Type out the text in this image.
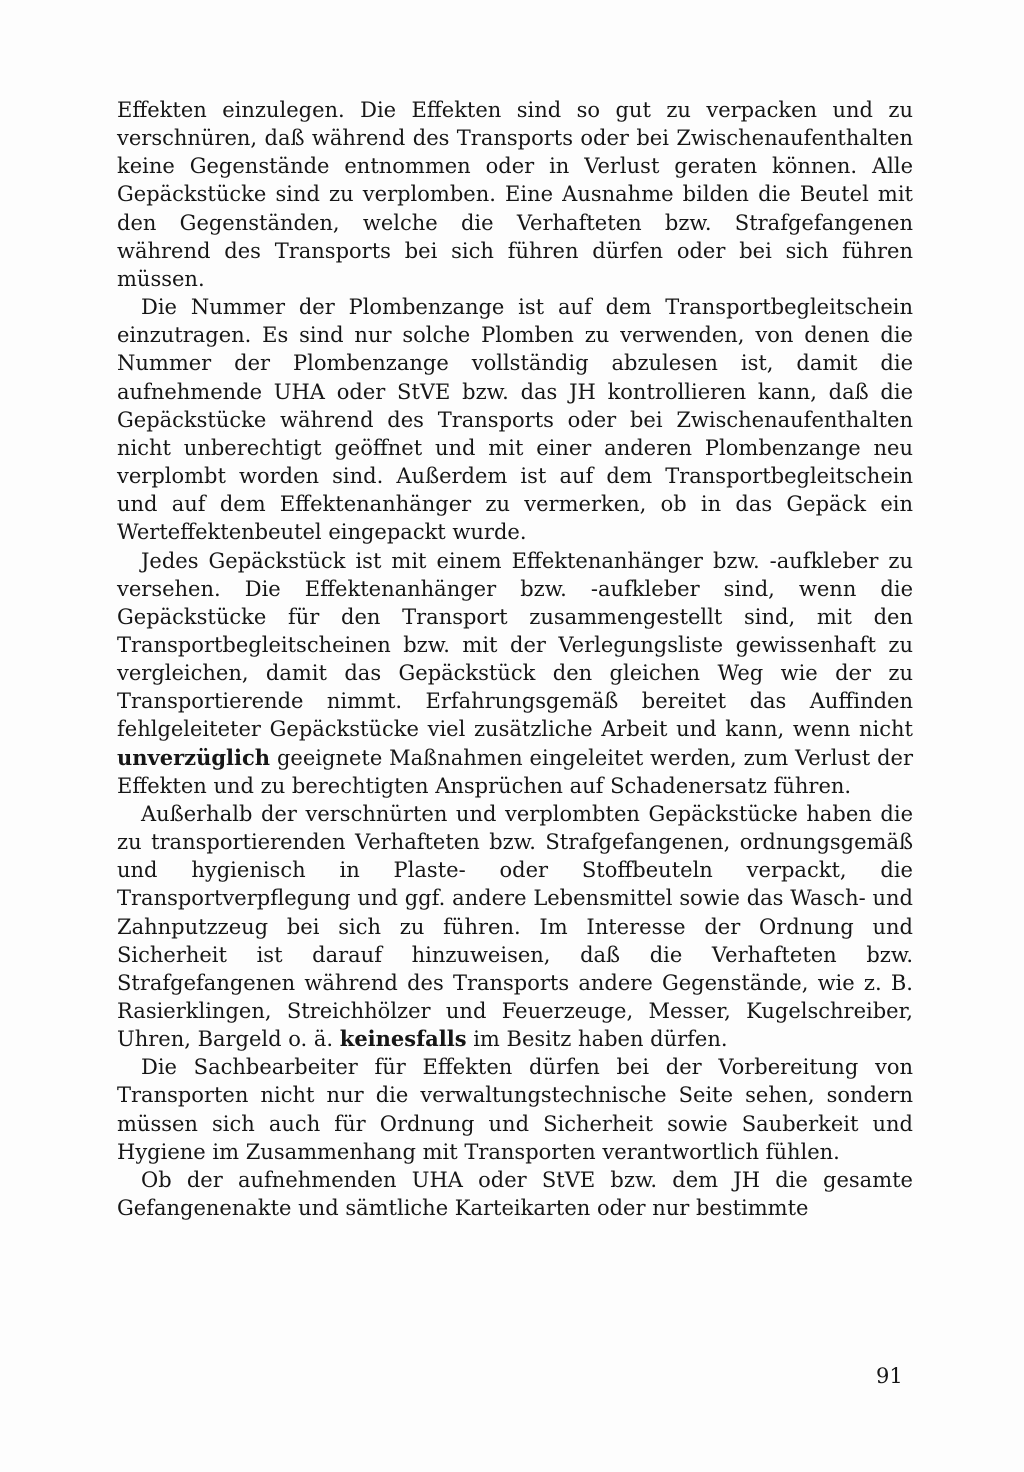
Effekten einzulegen. Die Effekten sind so gut zu verpacken und zu verschnüren, daß während des Transports oder bei Zwischenaufenthalten keine Gegenstände entnommen oder in Verlust geraten können. Alle Gepäckstücke sind zu verplomben. Eine Ausnahme bilden die Beutel mit den Gegenständen, welche die Verhafteten bzw. Strafgefangenen während des Transports bei sich führen dürfen oder bei sich führen müssen.

Die Nummer der Plombenzange ist auf dem Transportbegleitschein einzutragen. Es sind nur solche Plomben zu verwenden, von denen die Nummer der Plombenzange vollständig abzulesen ist, damit die aufnehmende UHA oder StVE bzw. das JH kontrollieren kann, daß die Gepäckstücke während des Transports oder bei Zwischenaufenthalten nicht unberechtigt geöffnet und mit einer anderen Plombenzange neu verplombt worden sind. Außerdem ist auf dem Transportbegleitschein und auf dem Effektenanhänger zu vermerken, ob in das Gepäck ein Werteffektenbeutel eingepackt wurde.

Jedes Gepäckstück ist mit einem Effektenanhänger bzw. -aufkleber zu versehen. Die Effektenanhänger bzw. -aufkleber sind, wenn die Gepäckstücke für den Transport zusammengestellt sind, mit den Transportbegleitscheinen bzw. mit der Verlegungsliste gewissenhaft zu vergleichen, damit das Gepäckstück den gleichen Weg wie der zu Transportierende nimmt. Erfahrungsgemäß bereitet das Auffinden fehlgeleiteter Gepäckstücke viel zusätzliche Arbeit und kann, wenn nicht unverzüglich geeignete Maßnahmen eingeleitet werden, zum Verlust der Effekten und zu berechtigten Ansprüchen auf Schadenersatz führen.

Außerhalb der verschnürten und verplombten Gepäckstücke haben die zu transportierenden Verhafteten bzw. Strafgefangenen, ordnungsgemäß und hygienisch in Plaste- oder Stoffbeuteln verpackt, die Transportverpflegung und ggf. andere Lebensmittel sowie das Wasch- und Zahnputzzeug bei sich zu führen. Im Interesse der Ordnung und Sicherheit ist darauf hinzuweisen, daß die Verhafteten bzw. Strafgefangenen während des Transports andere Gegenstände, wie z. B. Rasierklingen, Streichhölzer und Feuerzeuge, Messer, Kugelschreiber, Uhren, Bargeld o. ä. keinesfalls im Besitz haben dürfen.

Die Sachbearbeiter für Effekten dürfen bei der Vorbereitung von Transporten nicht nur die verwaltungstechnische Seite sehen, sondern müssen sich auch für Ordnung und Sicherheit sowie Sauberkeit und Hygiene im Zusammenhang mit Transporten verantwortlich fühlen.

Ob der aufnehmenden UHA oder StVE bzw. dem JH die gesamte Gefangenenakte und sämtliche Karteikarten oder nur bestimmte

91
